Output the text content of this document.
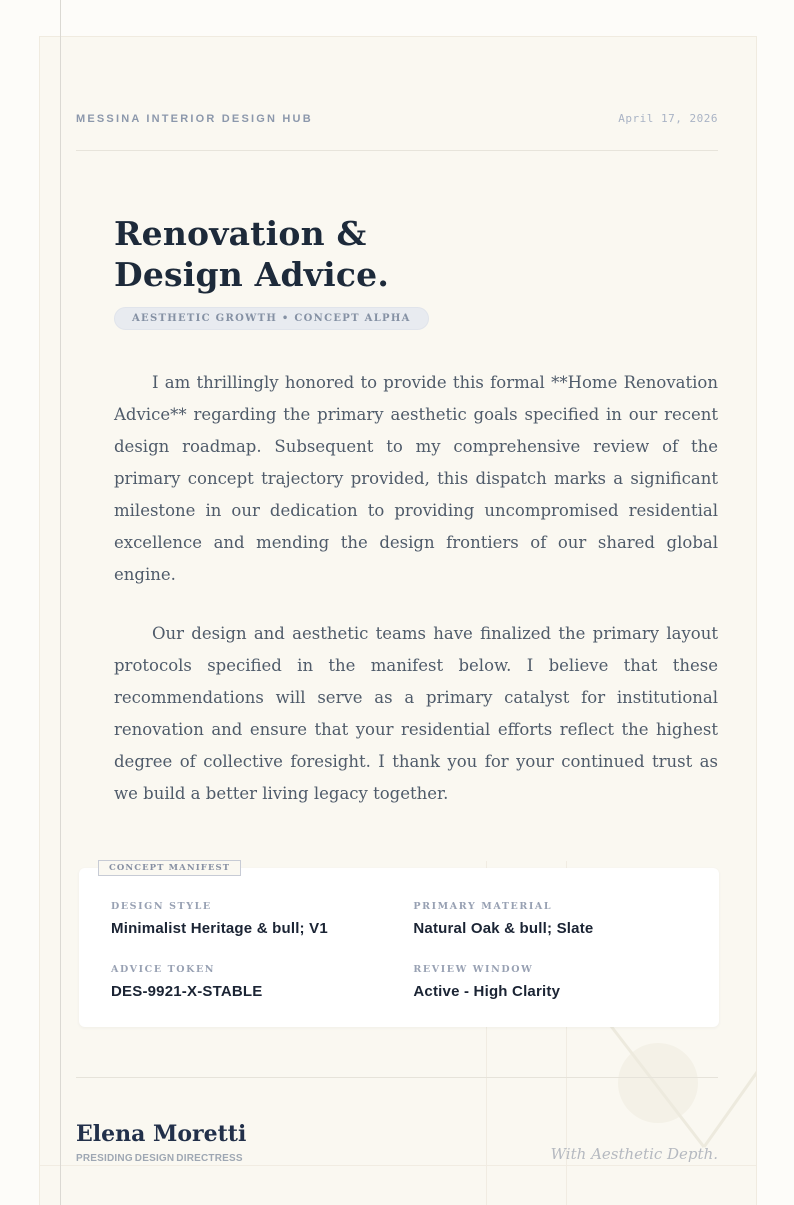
MESSINA INTERIOR DESIGN HUB	April 17, 2026
Renovation &
Design Advice.
AESTHETIC GROWTH • CONCEPT ALPHA

I am thrillingly honored to provide this formal **Home Renovation Advice** regarding the primary aesthetic goals specified in our recent design roadmap. Subsequent to my comprehensive review of the primary concept trajectory provided, this dispatch marks a significant milestone in our dedication to providing uncompromised residential excellence and mending the design frontiers of our shared global engine.

Our design and aesthetic teams have finalized the primary layout protocols specified in the manifest below. I believe that these recommendations will serve as a primary catalyst for institutional renovation and ensure that your residential efforts reflect the highest degree of collective foresight. I thank you for your continued trust as we build a better living legacy together.

CONCEPT MANIFEST
DESIGN STYLE
Minimalist Heritage & bull; V1
PRIMARY MATERIAL
Natural Oak & bull; Slate
ADVICE TOKEN
DES-9921-X-STABLE
REVIEW WINDOW
Active - High Clarity
Elena Moretti
PRESIDING DESIGN DIRECTRESS	With Aesthetic Depth.
